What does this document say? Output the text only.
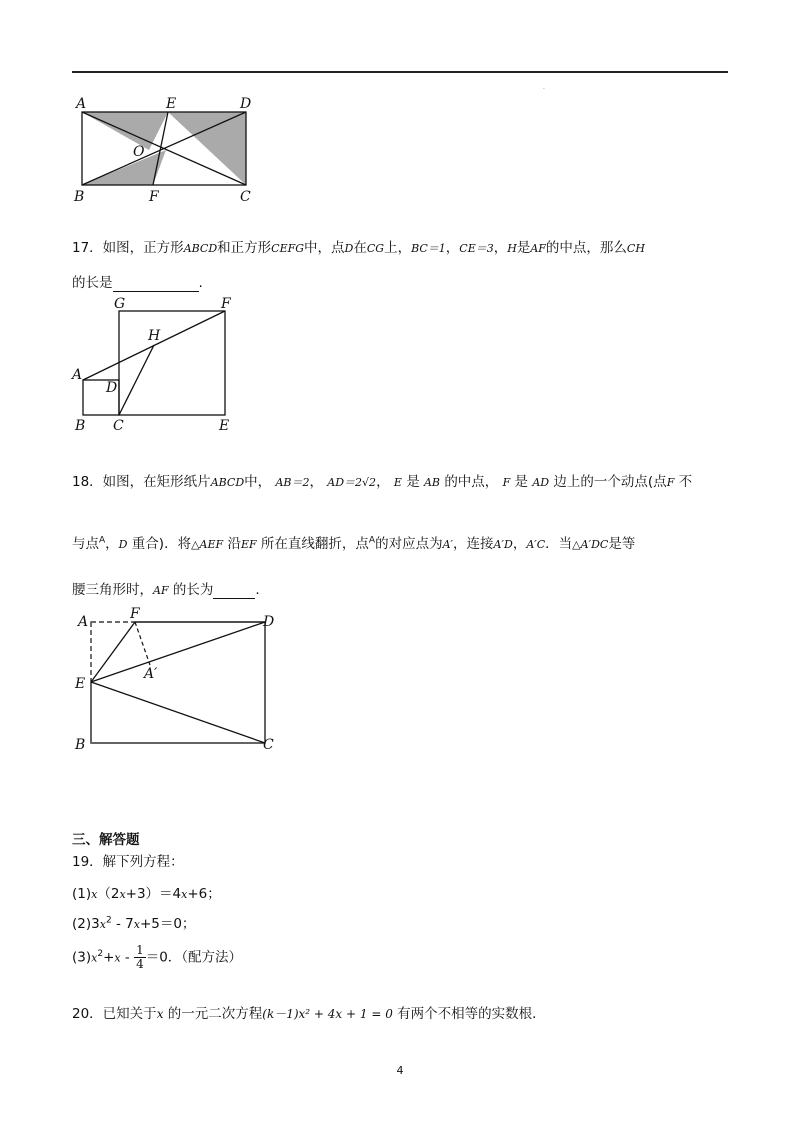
·
A	E	D
O
B	F	C
17．如图，正方形ABCD和正方形CEFG中，点D在CG上，BC＝1，CE＝3，H是AF的中点，那么CH
的长是	.
G	F
H
A
D
B C	E
18．如图，在矩形纸片ABCD中， AB＝2， AD＝2√2， E 是 AB 的中点， F 是 AD 边上的一个动点(点F 不
与点$^A$，D 重合)．将△AEF 沿EF 所在直线翻折，点$^A$的对应点为A′，连接A′D，A′C．当△A′DC是等
腰三角形时，AF 的长为	.
A	F	D
A′
E
B	C
三、解答题
19．解下列方程：
(1)x（2x+3）＝4x+6；
$(2)3x^2 - 7x+5=0$；
$(3)x^2+x - \frac{1}{4} =0$．（配方法）
20．已知关于x 的一元二次方程(k－1)x² + 4x + 1 = 0 有两个不相等的实数根．
4
